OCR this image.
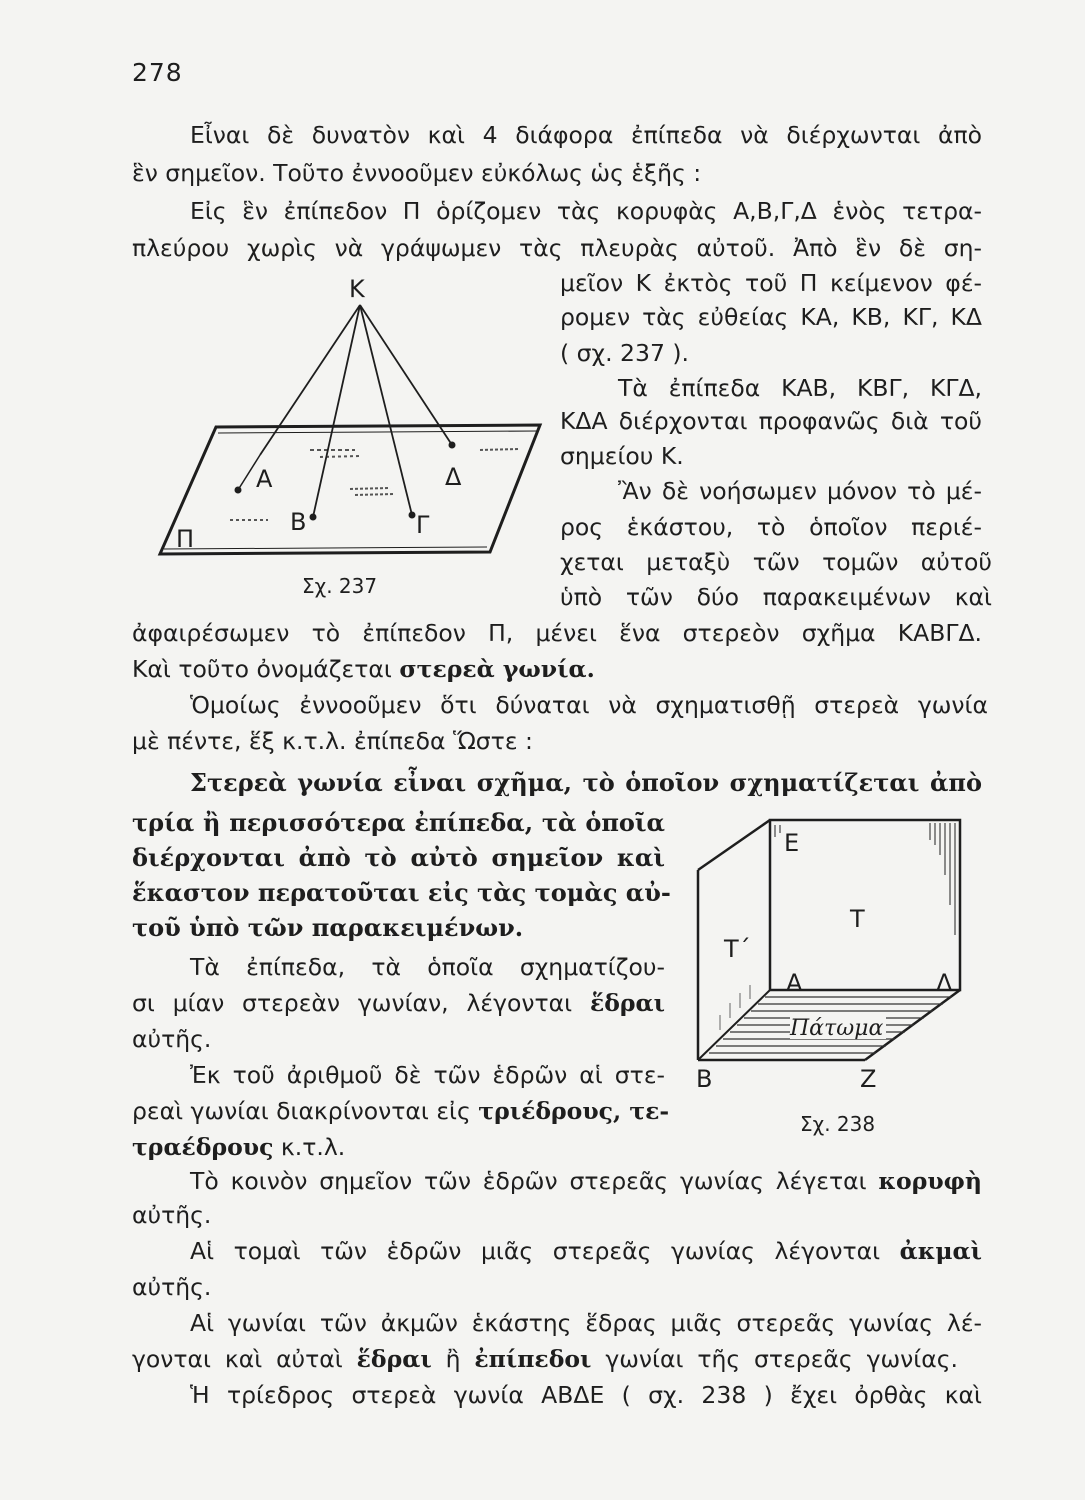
278

Εἶναι δὲ δυνατὸν καὶ 4 διάφορα ἐπίπεδα νὰ διέρχωνται ἀπὸ

ἓν σημεῖον. Τοῦτο ἐννοοῦμεν εὐκόλως ὡς ἑξῆς :

Εἰς ἓν ἐπίπεδον Π ὁρίζομεν τὰς κορυφὰς Α,Β,Γ,Δ ἑνὸς τετρα-

πλεύρου χωρὶς νὰ γράψωμεν τὰς πλευρὰς αὐτοῦ. Ἀπὸ ἓν δὲ ση-

μεῖον Κ ἐκτὸς τοῦ Π κείμενον φέ-

ρομεν τὰς εὐθείας ΚΑ, ΚΒ, ΚΓ, ΚΔ

( σχ. 237 ).

Τὰ ἐπίπεδα ΚΑΒ, ΚΒΓ, ΚΓΔ,

ΚΔΑ διέρχονται προφανῶς διὰ τοῦ

σημείου Κ.

Ἂν δὲ νοήσωμεν μόνον τὸ μέ-

ρος ἑκάστου, τὸ ὁποῖον περιέ-

χεται μεταξὺ τῶν τομῶν αὐτοῦ

ὑπὸ τῶν δύο παρακειμένων καὶ

Κ
Α
Β	Γ
Δ
Π
Σχ. 237

ἀφαιρέσωμεν τὸ ἐπίπεδον Π, μένει ἕνα στερεὸν σχῆμα ΚΑΒΓΔ.

Καὶ τοῦτο ὀνομάζεται στερεὰ γωνία.

Ὁμοίως ἐννοοῦμεν ὅτι δύναται νὰ σχηματισθῇ στερεὰ γωνία

μὲ πέντε, ἕξ κ.τ.λ. ἐπίπεδα Ὥστε :

Στερεὰ γωνία εἶναι σχῆμα, τὸ ὁποῖον σχηματίζεται ἀπὸ

τρία ἢ περισσότερα ἐπίπεδα, τὰ ὁποῖα

διέρχονται ἀπὸ τὸ αὐτὸ σημεῖον καὶ

ἕκαστον περατοῦται εἰς τὰς τομὰς αὐ-

τοῦ ὑπὸ τῶν παρακειμένων.

Τὰ ἐπίπεδα, τὰ ὁποῖα σχηματίζου-

σι μίαν στερεὰν γωνίαν, λέγονται ἕδραι

αὐτῆς.

Ἐκ τοῦ ἀριθμοῦ δὲ τῶν ἑδρῶν αἱ στε-

ρεαὶ γωνίαι διακρίνονται εἰς τριέδρους, τε-

τραέδρους κ.τ.λ.

Πάτωμα
Ε
Τ
Τ΄
Α	Δ
Β	Ζ
Σχ. 238

Τὸ κοινὸν σημεῖον τῶν ἑδρῶν στερεᾶς γωνίας λέγεται κορυφὴ

αὐτῆς.

Αἱ τομαὶ τῶν ἑδρῶν μιᾶς στερεᾶς γωνίας λέγονται ἀκμαὶ

αὐτῆς.

Αἱ γωνίαι τῶν ἀκμῶν ἑκάστης ἕδρας μιᾶς στερεᾶς γωνίας λέ-

γονται καὶ αὐταὶ ἕδραι ἢ ἐπίπεδοι γωνίαι τῆς στερεᾶς γωνίας.

Ἡ τρίεδρος στερεὰ γωνία ΑΒΔΕ ( σχ. 238 ) ἔχει ὀρθὰς καὶ
